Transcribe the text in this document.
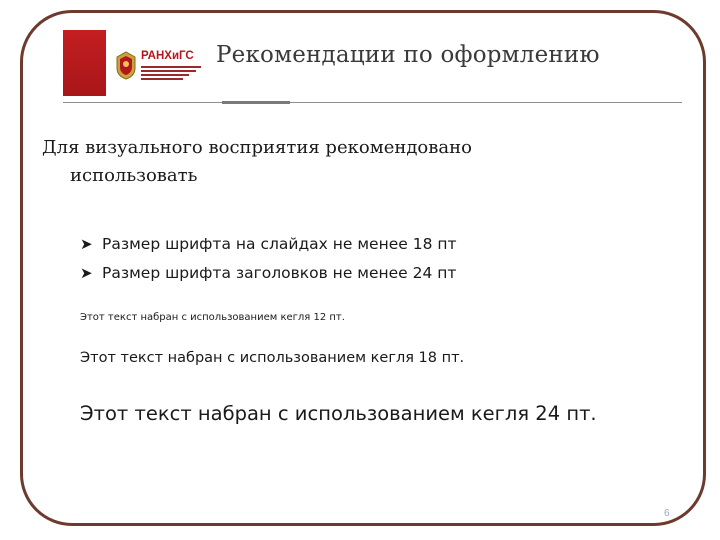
РАНХиГС Рекомендации по оформлению
Для визуального восприятия рекомендовано
использовать
➤ Размер шрифта на слайдах не менее 18 пт
➤ Размер шрифта заголовков не менее 24 пт
Этот текст набран с использованием кегля 12 пт.
Этот текст набран с использованием кегля 18 пт.
Этот текст набран с использованием кегля 24 пт.
6
